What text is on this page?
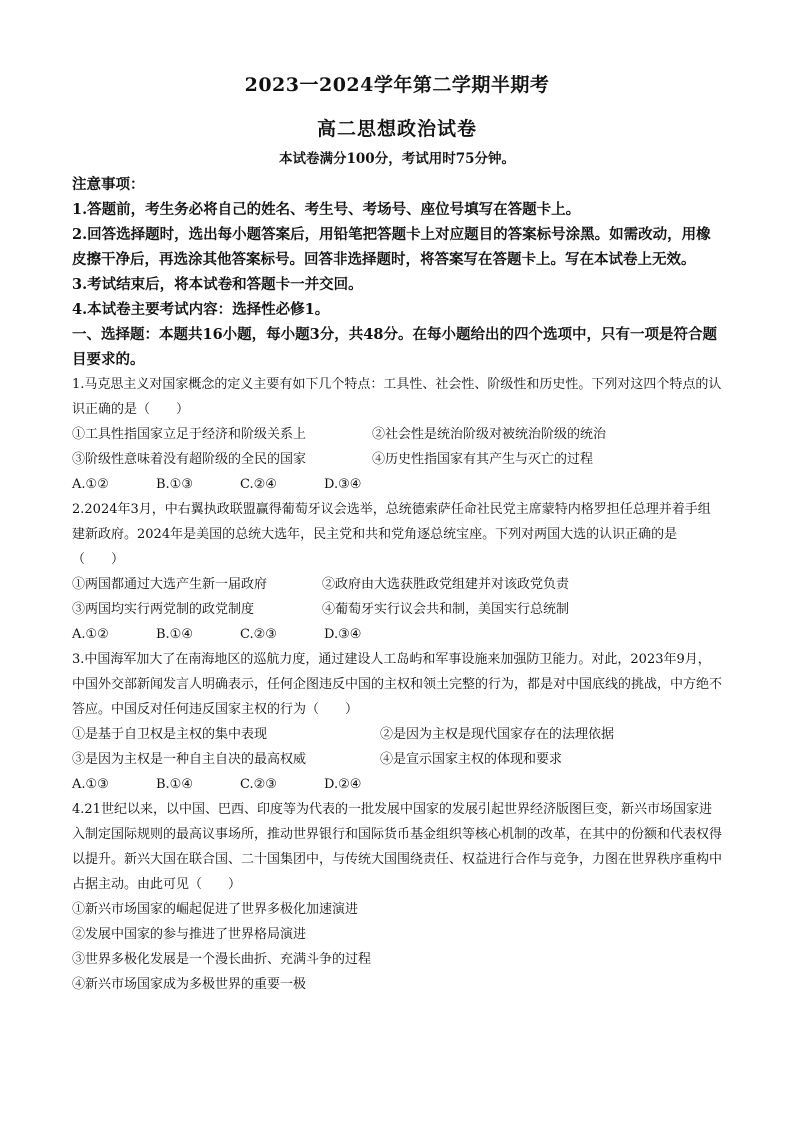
2023一2024学年第二学期半期考
高二思想政治试卷
本试卷满分100分，考试用时75分钟。

注意事项：

1.答题前，考生务必将自己的姓名、考生号、考场号、座位号填写在答题卡上。

2.回答选择题时，选出每小题答案后，用铅笔把答题卡上对应题目的答案标号涂黑。如需改动，用橡皮擦干净后，再选涂其他答案标号。回答非选择题时，将答案写在答题卡上。写在本试卷上无效。

3.考试结束后，将本试卷和答题卡一并交回。

4.本试卷主要考试内容：选择性必修1。

一、选择题：本题共16小题，每小题3分，共48分。在每小题给出的四个选项中，只有一项是符合题目要求的。

1.马克思主义对国家概念的定义主要有如下几个特点：工具性、社会性、阶级性和历史性。下列对这四个特点的认识正确的是（　　）

①工具性指国家立足于经济和阶级关系上	②社会性是统治阶级对被统治阶级的统治
③阶级性意味着没有超阶级的全民的国家	④历史性指国家有其产生与灭亡的过程
A.①②	B.①③	C.②④	D.③④

2.2024年3月，中右翼执政联盟赢得葡萄牙议会选举，总统德索萨任命社民党主席蒙特内格罗担任总理并着手组建新政府。2024年是美国的总统大选年，民主党和共和党角逐总统宝座。下列对两国大选的认识正确的是（　　）

①两国都通过大选产生新一届政府	②政府由大选获胜政党组建并对该政党负责
③两国均实行两党制的政党制度	④葡萄牙实行议会共和制，美国实行总统制
A.①②	B.①④	C.②③	D.③④

3.中国海军加大了在南海地区的巡航力度，通过建设人工岛屿和军事设施来加强防卫能力。对此，2023年9月，中国外交部新闻发言人明确表示，任何企图违反中国的主权和领土完整的行为，都是对中国底线的挑战，中方绝不答应。中国反对任何违反国家主权的行为（　　）

①是基于自卫权是主权的集中表现	②是因为主权是现代国家存在的法理依据
③是因为主权是一种自主自决的最高权威	④是宣示国家主权的体现和要求
A.①③	B.①④	C.②③	D.②④

4.21世纪以来，以中国、巴西、印度等为代表的一批发展中国家的发展引起世界经济版图巨变，新兴市场国家进入制定国际规则的最高议事场所，推动世界银行和国际货币基金组织等核心机制的改革，在其中的份额和代表权得以提升。新兴大国在联合国、二十国集团中，与传统大国围绕责任、权益进行合作与竞争，力图在世界秩序重构中占据主动。由此可见（　　）

①新兴市场国家的崛起促进了世界多极化加速演进

②发展中国家的参与推进了世界格局演进

③世界多极化发展是一个漫长曲折、充满斗争的过程

④新兴市场国家成为多极世界的重要一极
